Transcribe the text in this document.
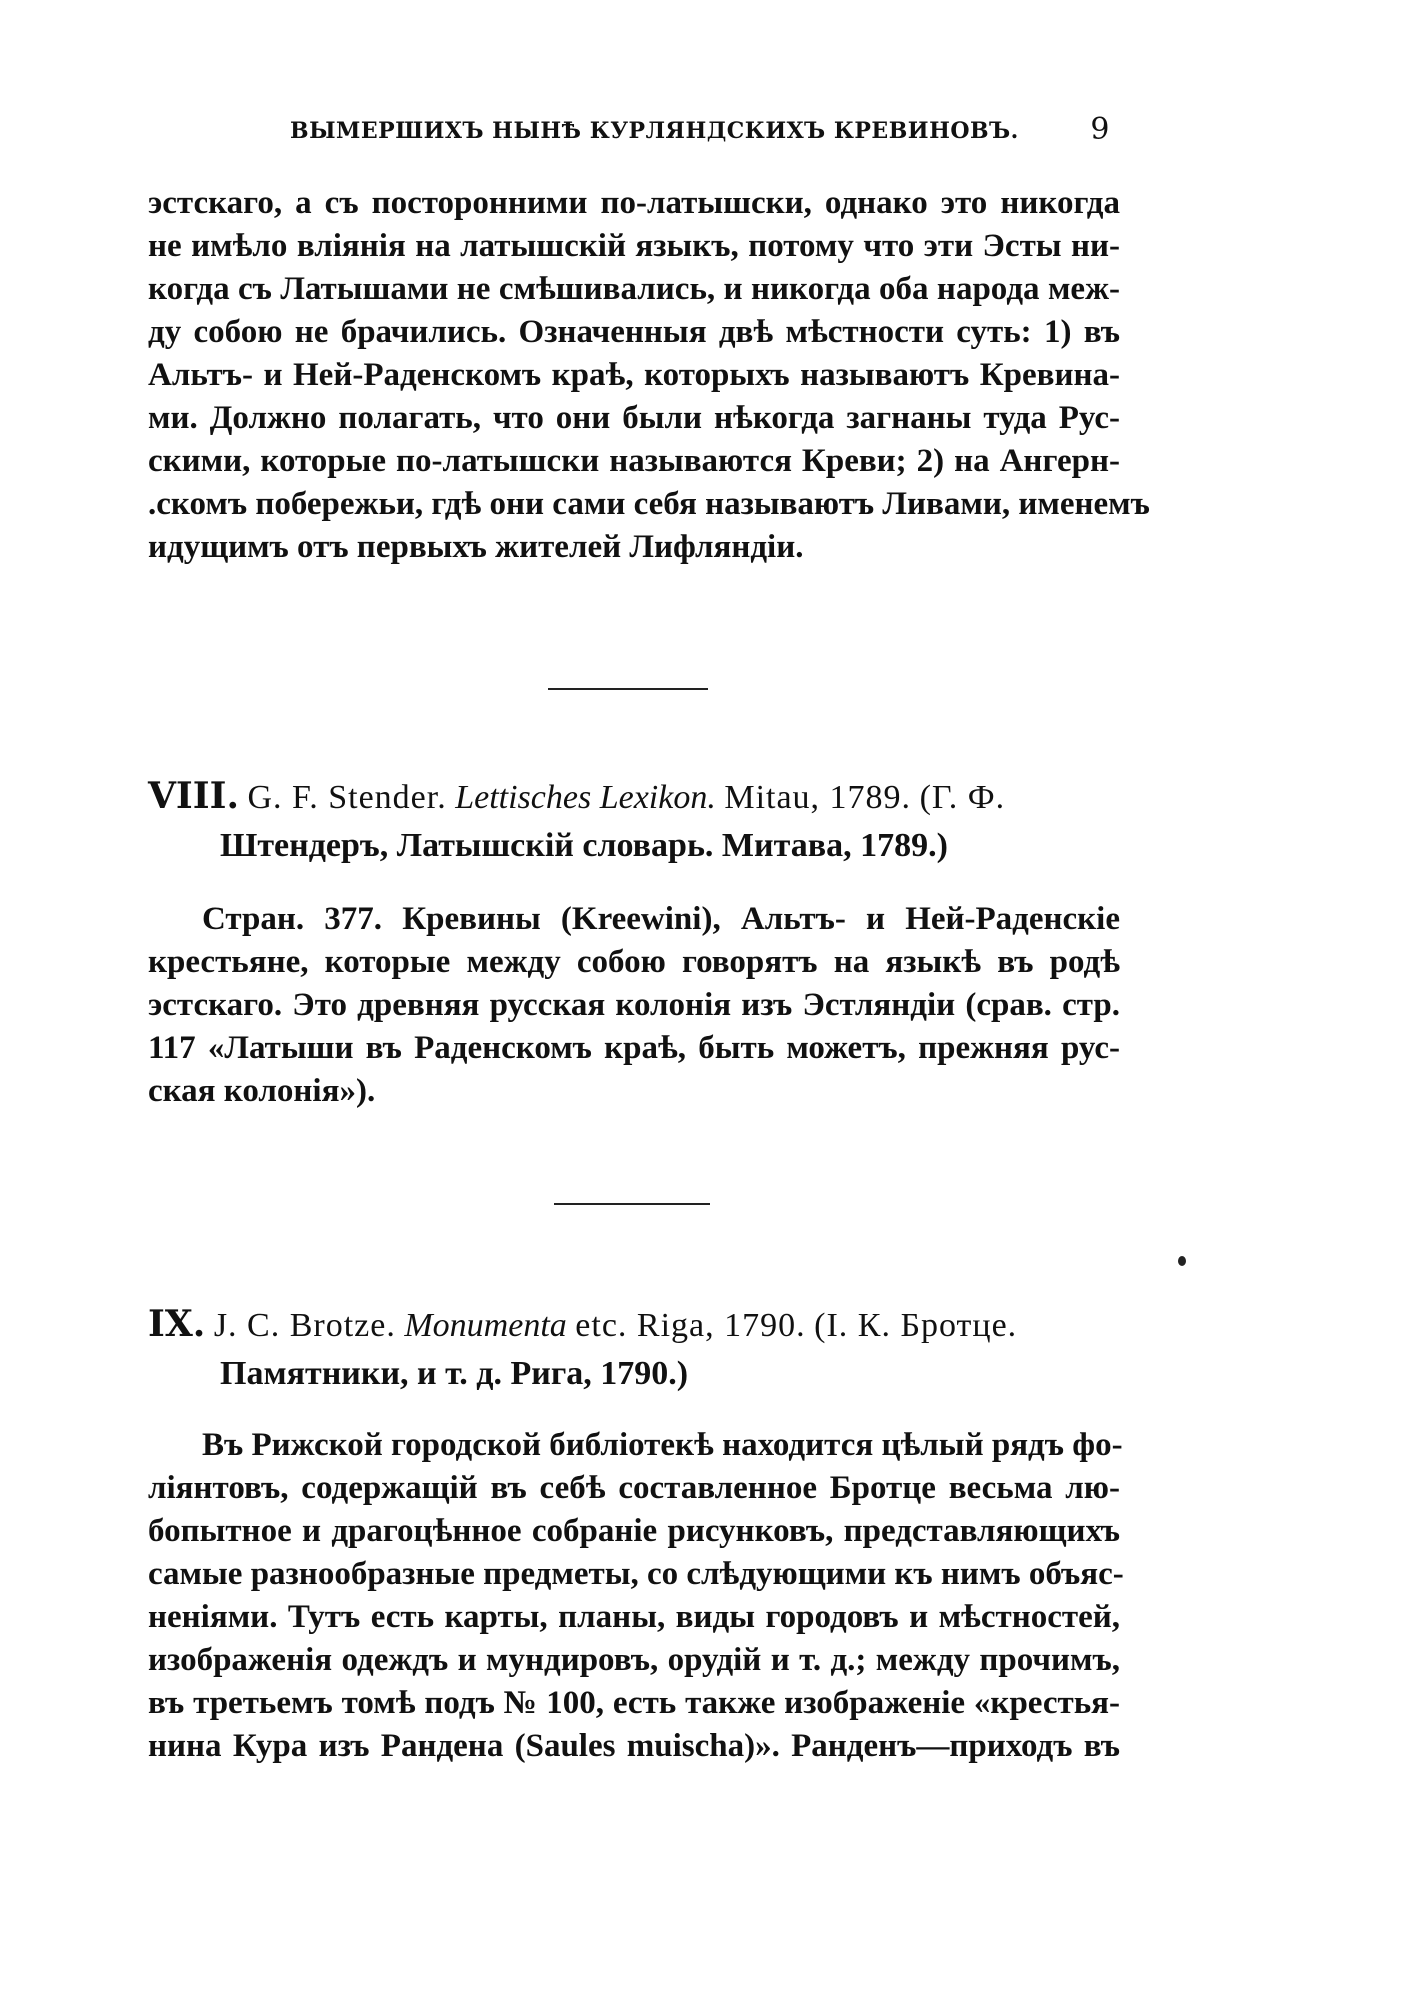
ВЫМЕРШИХЪ НЫНѢ КУРЛЯНДСКИХЪ КРЕВИНОВЪ. 9
эстскаго, а съ посторонними по-латышски, однако это никогда
не имѣло вліянія на латышскій языкъ, потому что эти Эсты ни-
когда съ Латышами не смѣшивались, и никогда оба народа меж-
ду собою не брачились. Означенныя двѣ мѣстности суть: 1) въ
Альтъ- и Ней-Раденскомъ краѣ, которыхъ называютъ Кревина-
ми. Должно полагать, что они были нѣкогда загнаны туда Рус-
скими, которые по-латышски называются Креви; 2) на Ангерн-
.скомъ побережьи, гдѣ они сами себя называютъ Ливами, именемъ
идущимъ отъ первыхъ жителей Лифляндіи.
VIII. G. F. Stender. Lettisches Lexikon. Mitau, 1789. (Г. Ф.
Штендеръ, Латышскій словарь. Митава, 1789.)
Стран. 377. Кревины (Kreewini), Альтъ- и Ней-Раденскіе
крестьяне, которые между собою говорятъ на языкѣ въ родѣ
эстскаго. Это древняя русская колонія изъ Эстляндіи (срав. стр.
117 «Латыши въ Раденскомъ краѣ, быть можетъ, прежняя рус-
ская колонія»).
IX. J. C. Brotze. Monumenta etc. Riga, 1790. (I. К. Бротце.
Памятники, и т. д. Рига, 1790.)
Въ Рижской городской библіотекѣ находится цѣлый рядъ фо-
ліянтовъ, содержащій въ себѣ составленное Бротце весьма лю-
бопытное и драгоцѣнное собраніе рисунковъ, представляющихъ
самые разнообразные предметы, со слѣдующими къ нимъ объяс-
неніями. Тутъ есть карты, планы, виды городовъ и мѣстностей,
изображенія одеждъ и мундировъ, орудій и т. д.; между прочимъ,
въ третьемъ томѣ подъ № 100, есть также изображеніе «крестья-
нина Кура изъ Рандена (Saules muischa)». Ранденъ—приходъ въ
